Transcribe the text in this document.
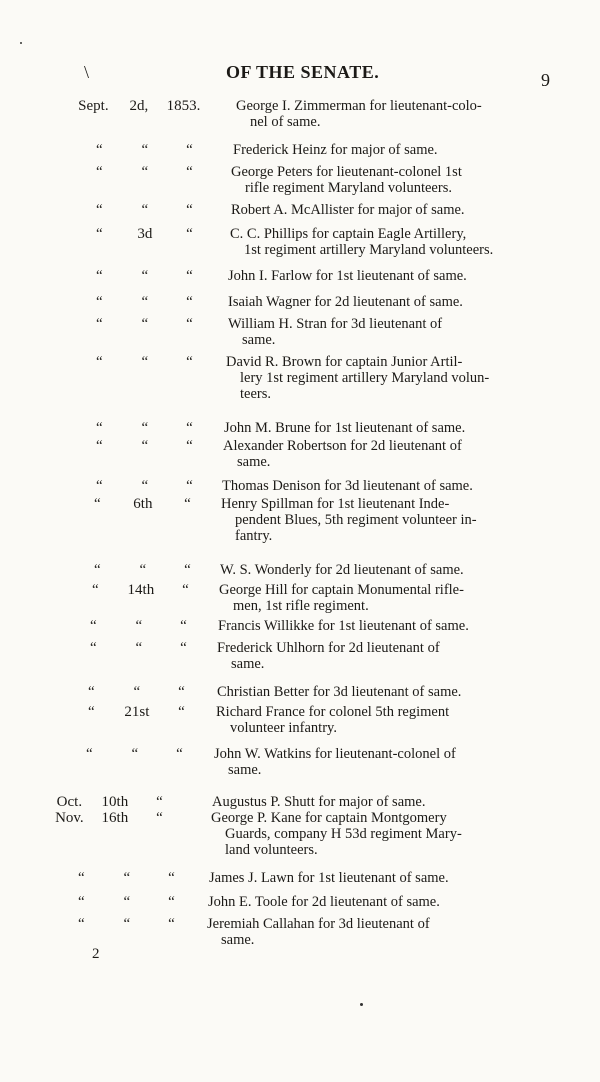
\	OF THE SENATE.	9
Sept.	2d,	1853.	George I. Zimmerman for lieutenant-colo-
nel of same.
“	“	“	Frederick Heinz for major of same.
“	“	“	George Peters for lieutenant-colonel 1st
rifle regiment Maryland volunteers.
“	“	“	Robert A. McAllister for major of same.
“	3d	“	C. C. Phillips for captain Eagle Artillery,
1st regiment artillery Maryland volunteers.
“	“	“	John I. Farlow for 1st lieutenant of same.
“	“	“	Isaiah Wagner for 2d lieutenant of same.
“	“	“	William H. Stran for 3d lieutenant of
same.
“	“	“	David R. Brown for captain Junior Artil-
lery 1st regiment artillery Maryland volun-
teers.
“	“	“	John M. Brune for 1st lieutenant of same.
“	“	“	Alexander Robertson for 2d lieutenant of
same.
“	“	“	Thomas Denison for 3d lieutenant of same.
“	6th	“	Henry Spillman for 1st lieutenant Inde-
pendent Blues, 5th regiment volunteer in-
fantry.
“	“	“	W. S. Wonderly for 2d lieutenant of same.
“	14th	“	George Hill for captain Monumental rifle-
men, 1st rifle regiment.
“	“	“	Francis Willikke for 1st lieutenant of same.
“	“	“	Frederick Uhlhorn for 2d lieutenant of
same.
“	“	“	Christian Better for 3d lieutenant of same.
“	21st	“	Richard France for colonel 5th regiment
volunteer infantry.
“	“	“	John W. Watkins for lieutenant-colonel of
same.
Oct.	10th	“	Augustus P. Shutt for major of same.
Nov.	16th	“	George P. Kane for captain Montgomery
Guards, company H 53d regiment Mary-
land volunteers.
“	“	“	James J. Lawn for 1st lieutenant of same.
“	“	“	John E. Toole for 2d lieutenant of same.
“	“	“	Jeremiah Callahan for 3d lieutenant of
same.
2
